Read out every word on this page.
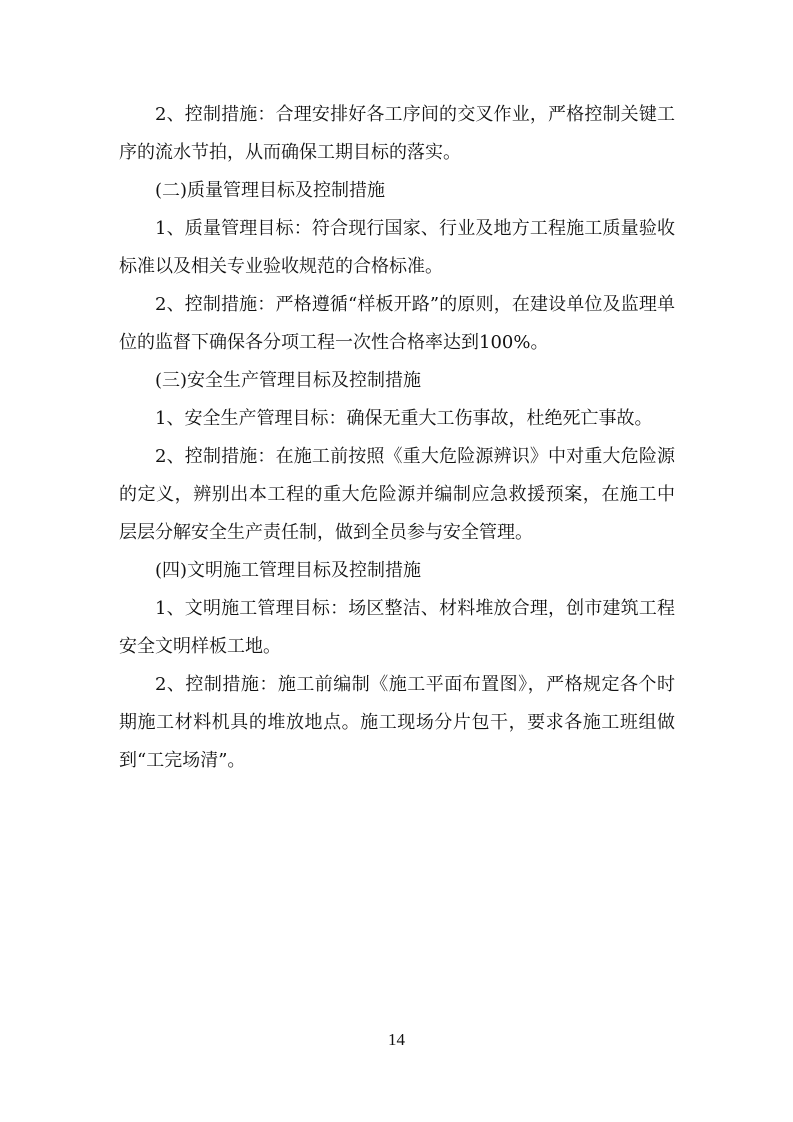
2、控制措施：合理安排好各工序间的交叉作业，严格控制关键工序的流水节拍，从而确保工期目标的落实。

(二)质量管理目标及控制措施

1、质量管理目标：符合现行国家、行业及地方工程施工质量验收标准以及相关专业验收规范的合格标准。

2、控制措施：严格遵循“样板开路”的原则，在建设单位及监理单位的监督下确保各分项工程一次性合格率达到100%。

(三)安全生产管理目标及控制措施

1、安全生产管理目标：确保无重大工伤事故，杜绝死亡事故。

2、控制措施：在施工前按照《重大危险源辨识》中对重大危险源的定义，辨别出本工程的重大危险源并编制应急救援预案，在施工中层层分解安全生产责任制，做到全员参与安全管理。

(四)文明施工管理目标及控制措施

1、文明施工管理目标：场区整洁、材料堆放合理，创市建筑工程安全文明样板工地。

2、控制措施：施工前编制《施工平面布置图》，严格规定各个时期施工材料机具的堆放地点。施工现场分片包干，要求各施工班组做到“工完场清”。

14
